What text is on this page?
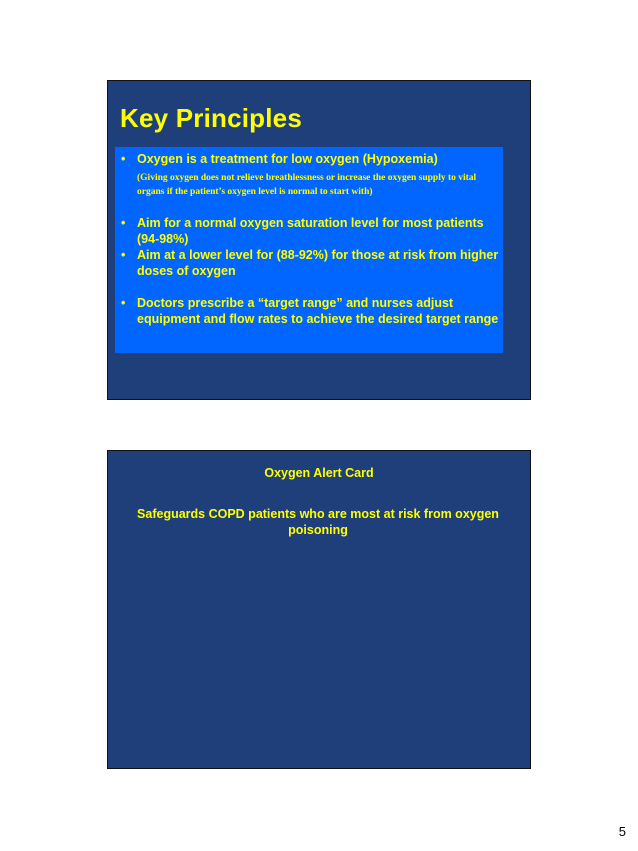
Key Principles
• Oxygen is a treatment for low oxygen (Hypoxemia)
(Giving oxygen does not relieve breathlessness or increase the oxygen supply to vital organs if the patient’s oxygen level is normal to start with)
• Aim for a normal oxygen saturation level for most patients (94-98%)
• Aim at a lower level for (88-92%) for those at risk from higher doses of oxygen
• Doctors prescribe a “target range” and nurses adjust equipment and flow rates to achieve the desired target range
Oxygen Alert Card
Safeguards COPD patients who are most at risk from oxygen poisoning
5
